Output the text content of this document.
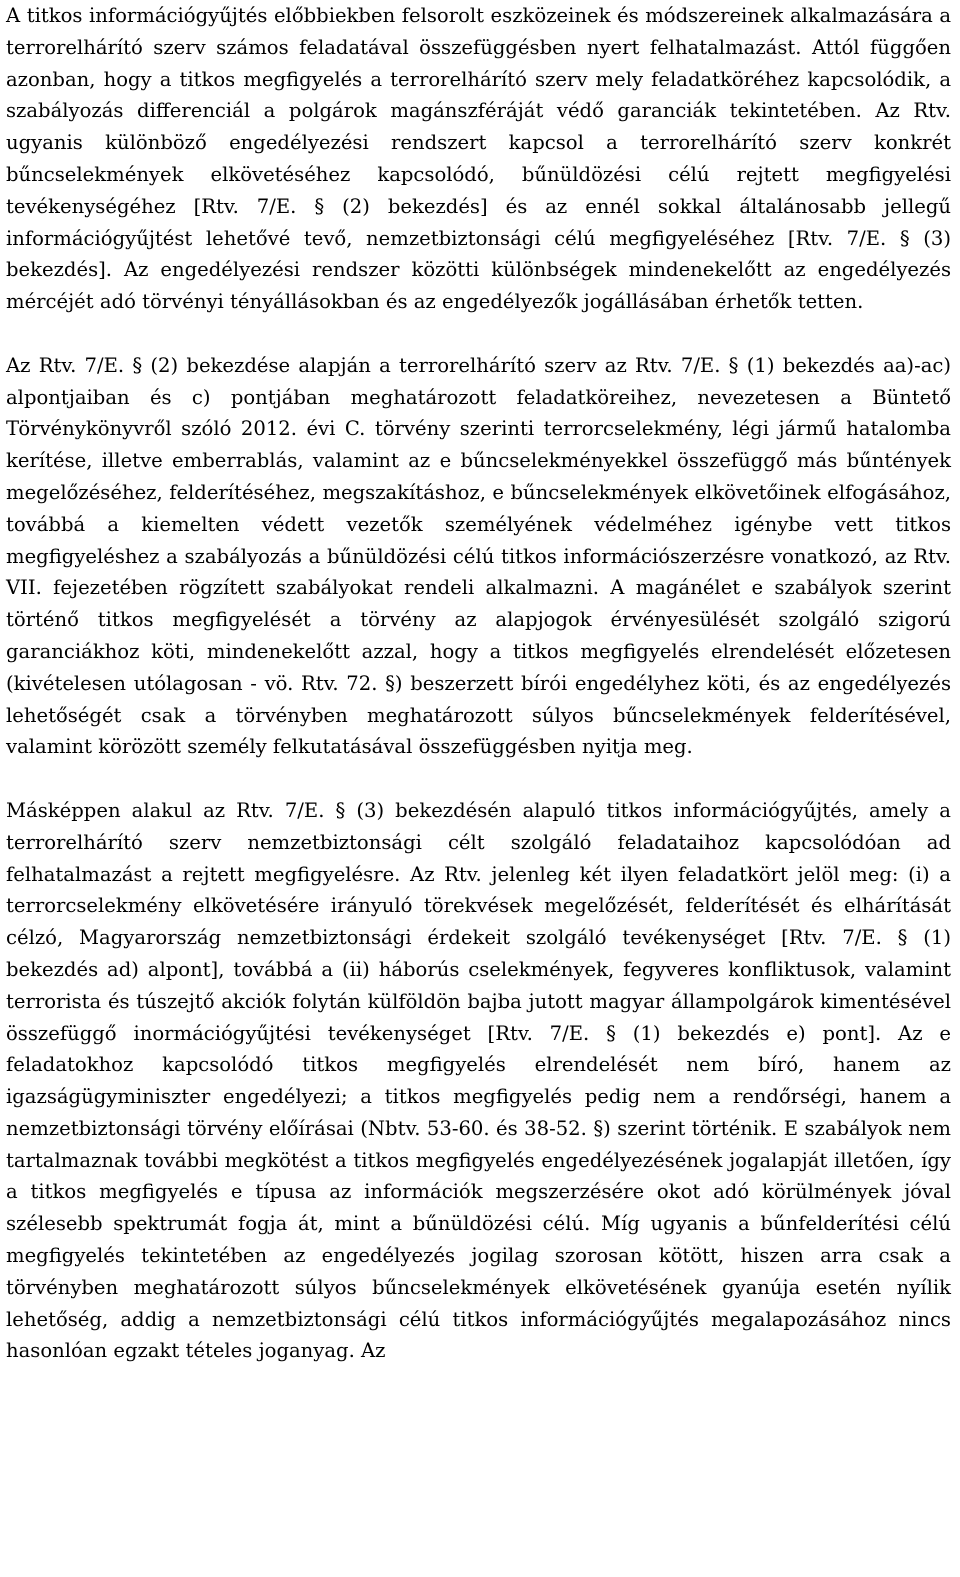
A titkos információgyűjtés előbbiekben felsorolt eszközeinek és módszereinek alkalmazására a terrorelhárító szerv számos feladatával összefüggésben nyert felhatalmazást. Attól függően azonban, hogy a titkos megfigyelés a terrorelhárító szerv mely feladatköréhez kapcsolódik, a szabályozás differenciál a polgárok magánszféráját védő garanciák tekintetében. Az Rtv. ugyanis különböző engedélyezési rendszert kapcsol a terrorelhárító szerv konkrét bűncselekmények elkövetéséhez kapcsolódó, bűnüldözési célú rejtett megfigyelési tevékenységéhez [Rtv. 7/E. § (2) bekezdés] és az ennél sokkal általánosabb jellegű információgyűjtést lehetővé tevő, nemzetbiztonsági célú megfigyeléséhez [Rtv. 7/E. § (3) bekezdés]. Az engedélyezési rendszer közötti különbségek mindenekelőtt az engedélyezés mércéjét adó törvényi tényállásokban és az engedélyezők jogállásában érhetők tetten.

Az Rtv. 7/E. § (2) bekezdése alapján a terrorelhárító szerv az Rtv. 7/E. § (1) bekezdés aa)-ac) alpontjaiban és c) pontjában meghatározott feladatköreihez, nevezetesen a Büntető Törvénykönyvről szóló 2012. évi C. törvény szerinti terrorcselekmény, légi jármű hatalomba kerítése, illetve emberrablás, valamint az e bűncselekményekkel összefüggő más bűntények megelőzéséhez, felderítéséhez, megszakításhoz, e bűncselekmények elkövetőinek elfogásához, továbbá a kiemelten védett vezetők személyének védelméhez igénybe vett titkos megfigyeléshez a szabályozás a bűnüldözési célú titkos információszerzésre vonatkozó, az Rtv. VII. fejezetében rögzített szabályokat rendeli alkalmazni. A magánélet e szabályok szerint történő titkos megfigyelését a törvény az alapjogok érvényesülését szolgáló szigorú garanciákhoz köti, mindenekelőtt azzal, hogy a titkos megfigyelés elrendelését előzetesen (kivételesen utólagosan - vö. Rtv. 72. §) beszerzett bírói engedélyhez köti, és az engedélyezés lehetőségét csak a törvényben meghatározott súlyos bűncselekmények felderítésével, valamint körözött személy felkutatásával összefüggésben nyitja meg.

Másképpen alakul az Rtv. 7/E. § (3) bekezdésén alapuló titkos információgyűjtés, amely a terrorelhárító szerv nemzetbiztonsági célt szolgáló feladataihoz kapcsolódóan ad felhatalmazást a rejtett megfigyelésre. Az Rtv. jelenleg két ilyen feladatkört jelöl meg: (i) a terrorcselekmény elkövetésére irányuló törekvések megelőzését, felderítését és elhárítását célzó, Magyarország nemzetbiztonsági érdekeit szolgáló tevékenységet [Rtv. 7/E. § (1) bekezdés ad) alpont], továbbá a (ii) háborús cselekmények, fegyveres konfliktusok, valamint terrorista és túszejtő akciók folytán külföldön bajba jutott magyar állampolgárok kimentésével összefüggő inormációgyűjtési tevékenységet [Rtv. 7/E. § (1) bekezdés e) pont]. Az e feladatokhoz kapcsolódó titkos megfigyelés elrendelését nem bíró, hanem az igazságügyminiszter engedélyezi; a titkos megfigyelés pedig nem a rendőrségi, hanem a nemzetbiztonsági törvény előírásai (Nbtv. 53-60. és 38-52. §) szerint történik. E szabályok nem tartalmaznak további megkötést a titkos megfigyelés engedélyezésének jogalapját illetően, így a titkos megfigyelés e típusa az információk megszerzésére okot adó körülmények jóval szélesebb spektrumát fogja át, mint a bűnüldözési célú. Míg ugyanis a bűnfelderítési célú megfigyelés tekintetében az engedélyezés jogilag szorosan kötött, hiszen arra csak a törvényben meghatározott súlyos bűncselekmények elkövetésének gyanúja esetén nyílik lehetőség, addig a nemzetbiztonsági célú titkos információgyűjtés megalapozásához nincs hasonlóan egzakt tételes joganyag. Az
